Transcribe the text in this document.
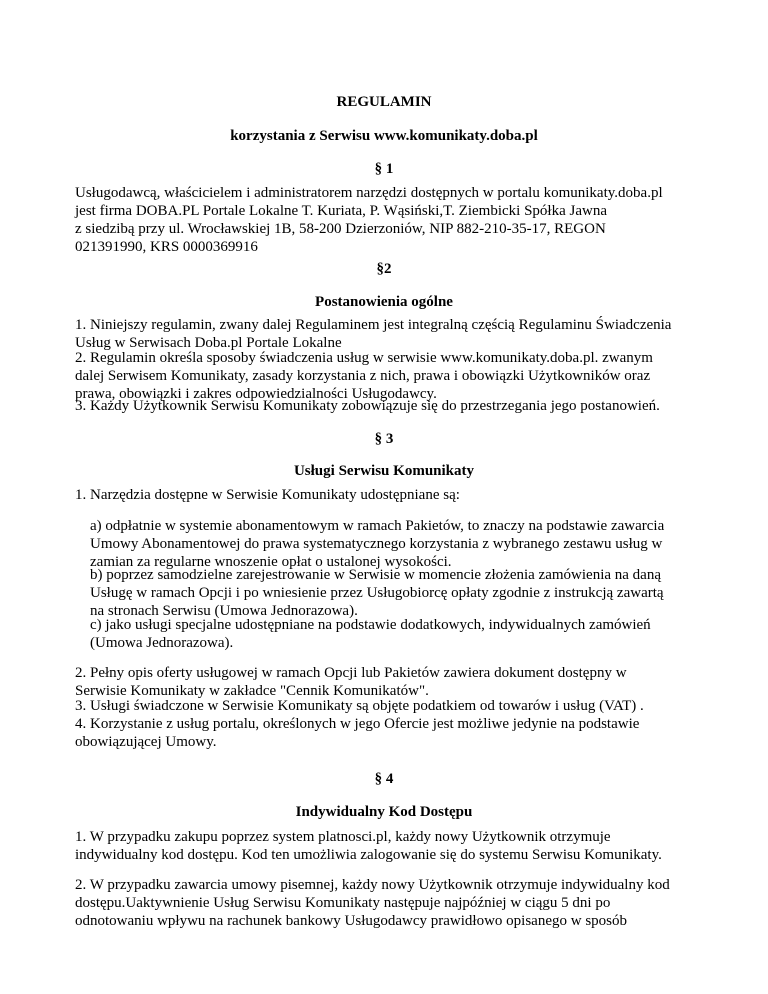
REGULAMIN

korzystania z Serwisu www.komunikaty.doba.pl

§ 1

Usługodawcą, właścicielem i administratorem narzędzi dostępnych w portalu komunikaty.doba.pl
jest firma DOBA.PL Portale Lokalne T. Kuriata, P. Wąsiński,T. Ziembicki Spółka Jawna
z siedzibą przy ul. Wrocławskiej 1B, 58-200 Dzierzoniów, NIP 882-210-35-17, REGON
021391990, KRS 0000369916

§2

Postanowienia ogólne

1. Niniejszy regulamin, zwany dalej Regulaminem jest integralną częścią Regulaminu Świadczenia
Usług w Serwisach Doba.pl Portale Lokalne

2. Regulamin określa sposoby świadczenia usług w serwisie www.komunikaty.doba.pl. zwanym
dalej Serwisem Komunikaty, zasady korzystania z nich, prawa i obowiązki Użytkowników oraz
prawa, obowiązki i zakres odpowiedzialności Usługodawcy.

3. Każdy Użytkownik Serwisu Komunikaty zobowiązuje się do przestrzegania jego postanowień.

§ 3

Usługi Serwisu Komunikaty

1. Narzędzia dostępne w Serwisie Komunikaty udostępniane są:

a) odpłatnie w systemie abonamentowym w ramach Pakietów, to znaczy na podstawie zawarcia
Umowy Abonamentowej do prawa systematycznego korzystania z wybranego zestawu usług w
zamian za regularne wnoszenie opłat o ustalonej wysokości.

b) poprzez samodzielne zarejestrowanie w Serwisie w momencie złożenia zamówienia na daną
Usługę w ramach Opcji i po wniesienie przez Usługobiorcę opłaty zgodnie z instrukcją zawartą
na stronach Serwisu (Umowa Jednorazowa).

c) jako usługi specjalne udostępniane na podstawie dodatkowych, indywidualnych zamówień
(Umowa Jednorazowa).

2. Pełny opis oferty usługowej w ramach Opcji lub Pakietów zawiera dokument dostępny w
Serwisie Komunikaty w zakładce "Cennik Komunikatów".

3. Usługi świadczone w Serwisie Komunikaty są objęte podatkiem od towarów i usług (VAT) .
4. Korzystanie z usług portalu, określonych w jego Ofercie jest możliwe jedynie na podstawie
obowiązującej Umowy.

§ 4

Indywidualny Kod Dostępu

1. W przypadku zakupu poprzez system platnosci.pl, każdy nowy Użytkownik otrzymuje
indywidualny kod dostępu. Kod ten umożliwia zalogowanie się do systemu Serwisu Komunikaty.

2. W przypadku zawarcia umowy pisemnej, każdy nowy Użytkownik otrzymuje indywidualny kod
dostępu.Uaktywnienie Usług Serwisu Komunikaty następuje najpóźniej w ciągu 5 dni po
odnotowaniu wpływu na rachunek bankowy Usługodawcy prawidłowo opisanego w sposób
